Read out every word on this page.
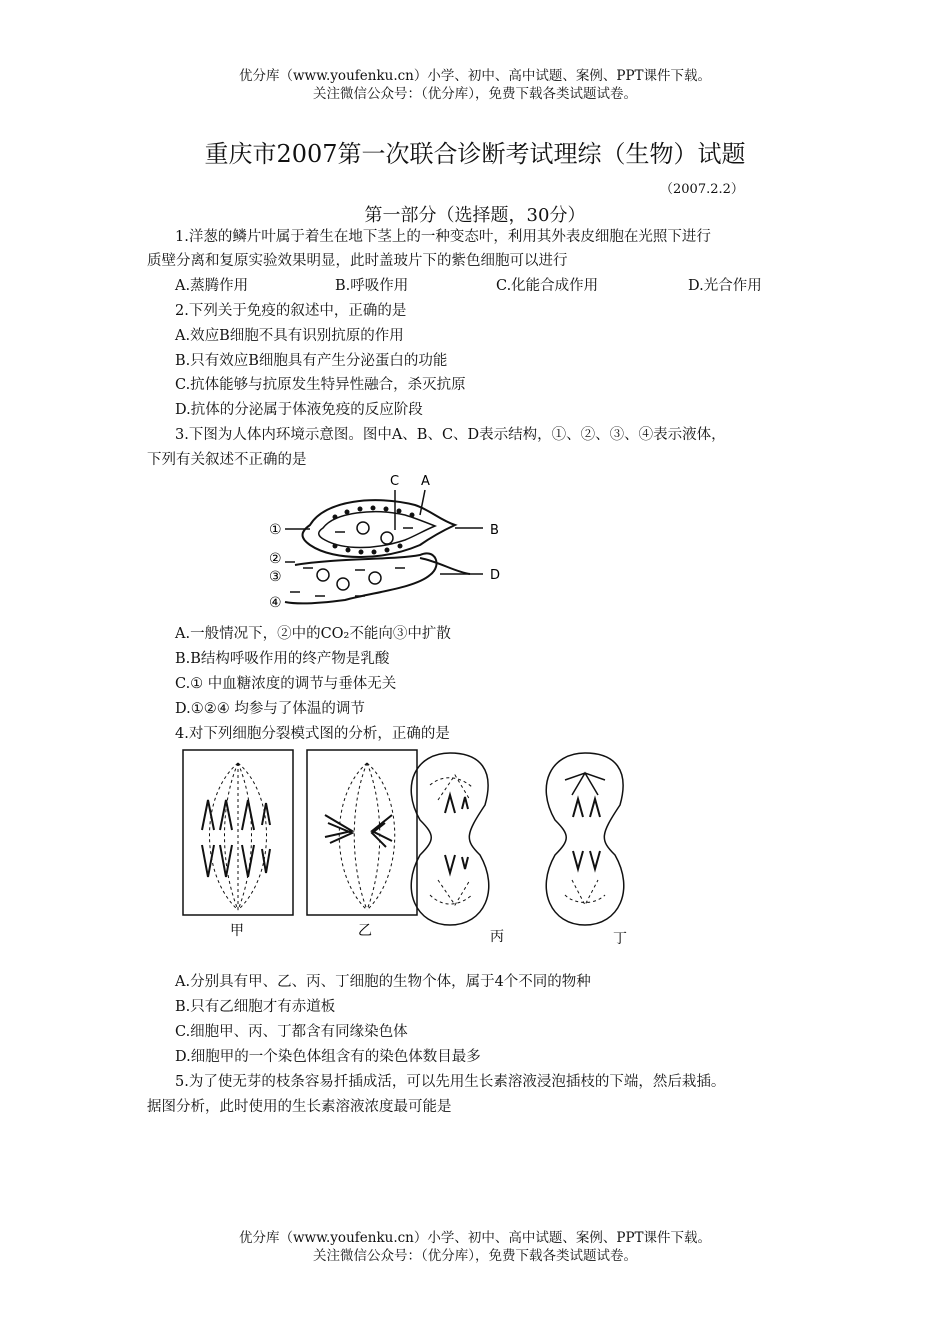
优分库（www.youfenku.cn）小学、初中、高中试题、案例、PPT课件下载。
关注微信公众号：（优分库），免费下载各类试题试卷。
重庆市2007第一次联合诊断考试理综（生物）试题
（2007.2.2）
第一部分（选择题，30分）
1.洋葱的鳞片叶属于着生在地下茎上的一种变态叶，利用其外表皮细胞在光照下进行
质壁分离和复原实验效果明显，此时盖玻片下的紫色细胞可以进行
A.蒸腾作用	B.呼吸作用	C.化能合成作用	D.光合作用
2.下列关于免疫的叙述中，正确的是
A.效应B细胞不具有识别抗原的作用
B.只有效应B细胞具有产生分泌蛋白的功能
C.抗体能够与抗原发生特异性融合，杀灭抗原
D.抗体的分泌属于体液免疫的反应阶段
3.下图为人体内环境示意图。图中A、B、C、D表示结构，①、②、③、④表示液体，
下列有关叙述不正确的是
①
②
③
④
C A
B
D
A.一般情况下，②中的CO₂不能向③中扩散
B.B结构呼吸作用的终产物是乳酸
C.① 中血糖浓度的调节与垂体无关
D.①②④ 均参与了体温的调节
4.对下列细胞分裂模式图的分析，正确的是
甲	乙	丙	丁
A.分别具有甲、乙、丙、丁细胞的生物个体，属于4个不同的物种
B.只有乙细胞才有赤道板
C.细胞甲、丙、丁都含有同缘染色体
D.细胞甲的一个染色体组含有的染色体数目最多
5.为了使无芽的枝条容易扦插成活，可以先用生长素溶液浸泡插枝的下端，然后栽插。
据图分析，此时使用的生长素溶液浓度最可能是
优分库（www.youfenku.cn）小学、初中、高中试题、案例、PPT课件下载。
关注微信公众号：（优分库），免费下载各类试题试卷。
